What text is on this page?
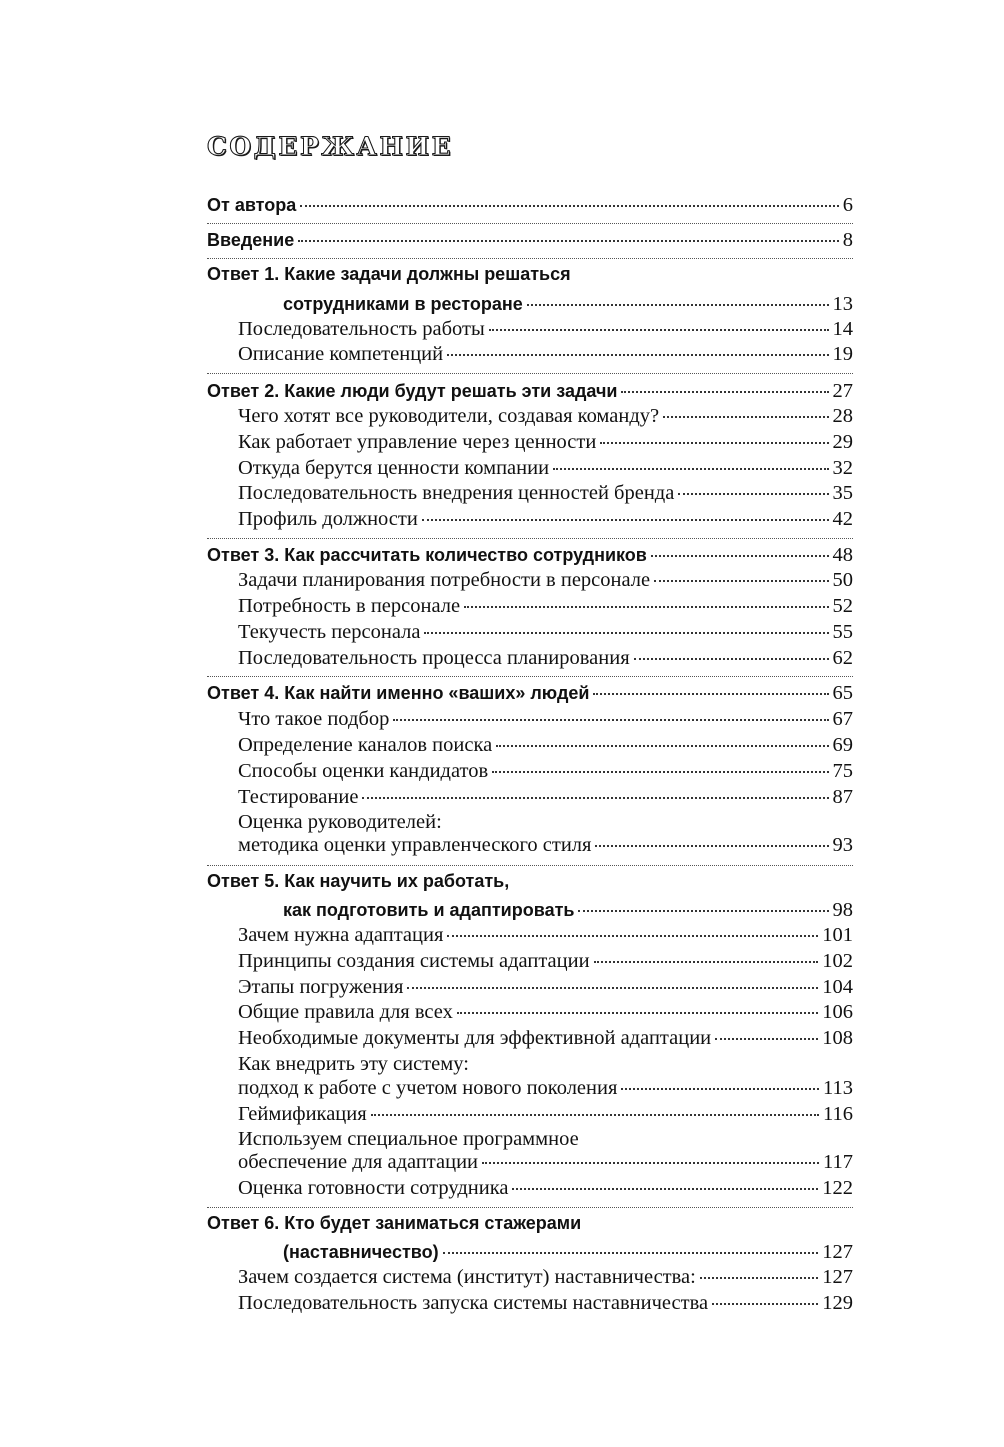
СОДЕРЖАНИЕ
От автора	6
Введение	8
Ответ 1. Какие задачи должны решаться
сотрудниками в ресторане	13
Последовательность работы	14
Описание компетенций	19
Ответ 2. Какие люди будут решать эти задачи	27
Чего хотят все руководители, создавая команду?	28
Как работает управление через ценности	29
Откуда берутся ценности компании	32
Последовательность внедрения ценностей бренда	35
Профиль должности	42
Ответ 3. Как рассчитать количество сотрудников	48
Задачи планирования потребности в персонале	50
Потребность в персонале	52
Текучесть персонала	55
Последовательность процесса планирования	62
Ответ 4. Как найти именно «ваших» людей	65
Что такое подбор	67
Определение каналов поиска	69
Способы оценки кандидатов	75
Тестирование	87
Оценка руководителей:
методика оценки управленческого стиля	93
Ответ 5. Как научить их работать,
как подготовить и адаптировать	98
Зачем нужна адаптация	101
Принципы создания системы адаптации	102
Этапы погружения	104
Общие правила для всех	106
Необходимые документы для эффективной адаптации	108
Как внедрить эту систему:
подход к работе с учетом нового поколения	113
Геймификация	116
Используем специальное программное
обеспечение для адаптации	117
Оценка готовности сотрудника	122
Ответ 6. Кто будет заниматься стажерами
(наставничество)	127
Зачем создается система (институт) наставничества:	127
Последовательность запуска системы наставничества	129
